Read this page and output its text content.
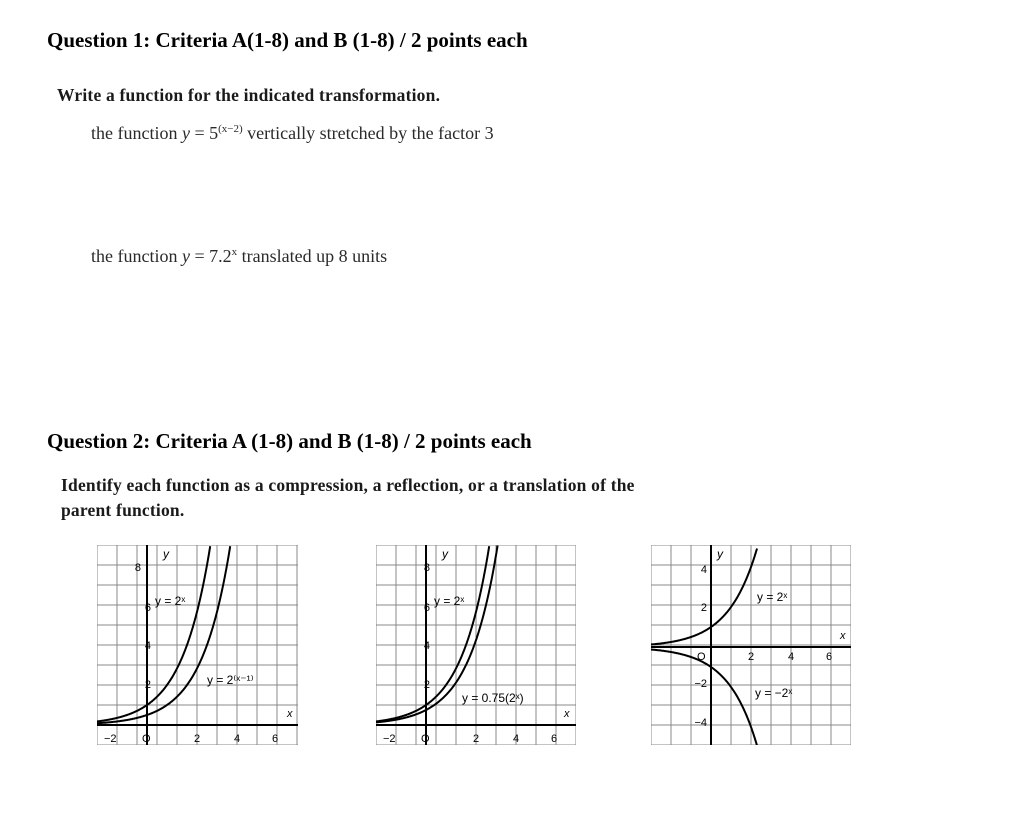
Question 1: Criteria A(1-8) and B (1-8) / 2 points each
Write a function for the indicated transformation.
the function $y = 5^{(x-2)}$ vertically stretched by the factor 3
the function $y = 7.2^x$ translated up 8 units
Question 2: Criteria A (1-8) and B (1-8) / 2 points each
Identify each function as a compression, a reflection, or a translation of the
parent function.
8
6
4
2
−2 O	2	4	6
x
y
y = 2ˣ
y = 2⁽ˣ⁻¹⁾
8
6
4
2
−2 O	2	4	6
x
y
y = 2ˣ
y = 0.75(2ˣ)
4
2
−2
−4
O	2	4	6
x
y
y = 2ˣ
y = −2ˣ
